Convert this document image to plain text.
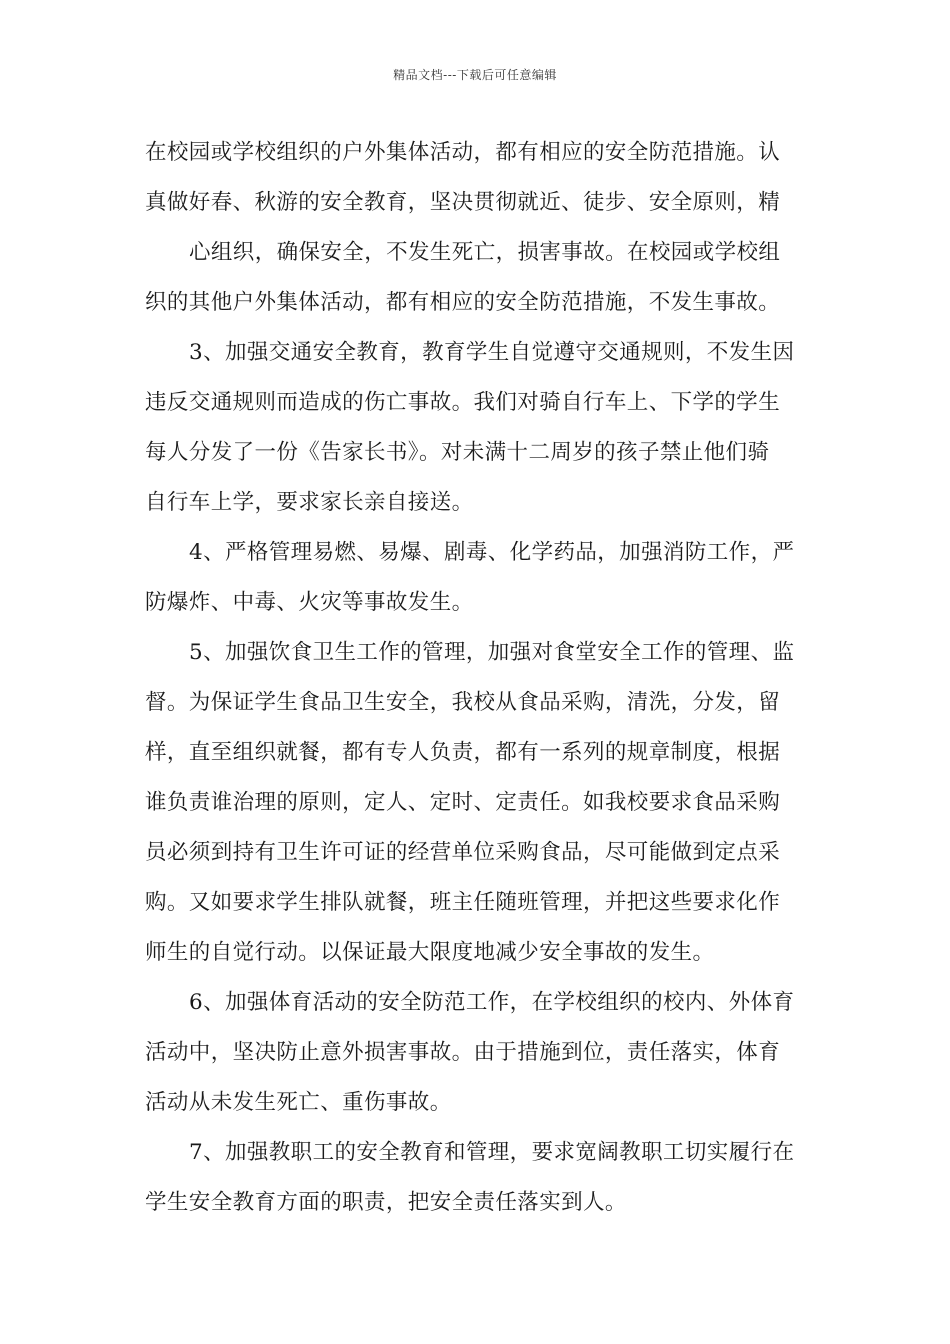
精品文档---下载后可任意编辑
在校园或学校组织的户外集体活动，都有相应的安全防范措施。认
真做好春、秋游的安全教育，坚决贯彻就近、徒步、安全原则，精
心组织，确保安全，不发生死亡，损害事故。在校园或学校组
织的其他户外集体活动，都有相应的安全防范措施，不发生事故。
3、加强交通安全教育，教育学生自觉遵守交通规则，不发生因
违反交通规则而造成的伤亡事故。我们对骑自行车上、下学的学生
每人分发了一份《告家长书》。对未满十二周岁的孩子禁止他们骑
自行车上学，要求家长亲自接送。
4、严格管理易燃、易爆、剧毒、化学药品，加强消防工作，严
防爆炸、中毒、火灾等事故发生。
5、加强饮食卫生工作的管理，加强对食堂安全工作的管理、监
督。为保证学生食品卫生安全，我校从食品采购，清洗，分发，留
样，直至组织就餐，都有专人负责，都有一系列的规章制度，根据
谁负责谁治理的原则，定人、定时、定责任。如我校要求食品采购
员必须到持有卫生许可证的经营单位采购食品，尽可能做到定点采
购。又如要求学生排队就餐，班主任随班管理，并把这些要求化作
师生的自觉行动。以保证最大限度地减少安全事故的发生。
6、加强体育活动的安全防范工作，在学校组织的校内、外体育
活动中，坚决防止意外损害事故。由于措施到位，责任落实，体育
活动从未发生死亡、重伤事故。
7、加强教职工的安全教育和管理，要求宽阔教职工切实履行在
学生安全教育方面的职责，把安全责任落实到人。
